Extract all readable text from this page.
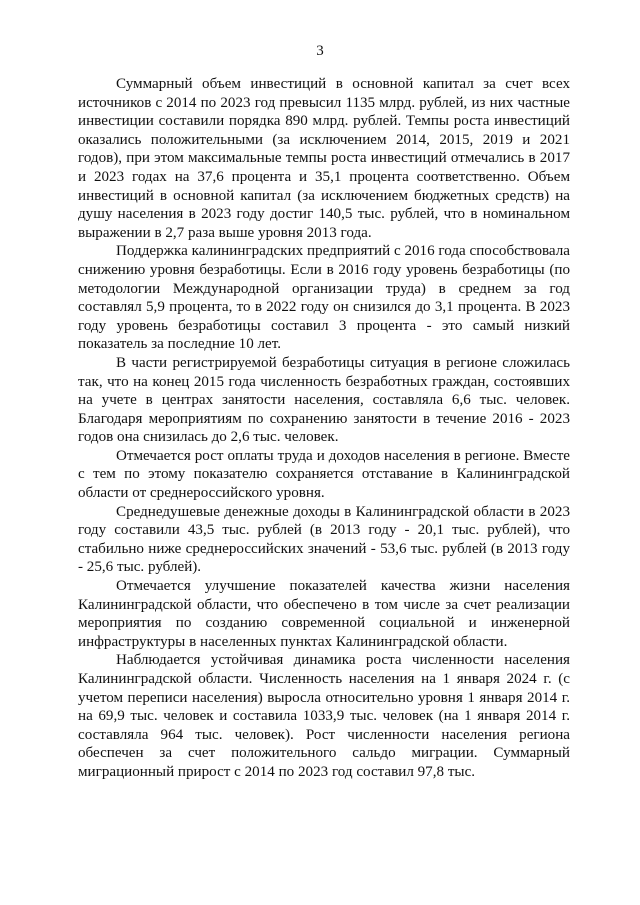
3

Суммарный объем инвестиций в основной капитал за счет всех источников с 2014 по 2023 год превысил 1135 млрд. рублей, из них частные инвестиции составили порядка 890 млрд. рублей. Темпы роста инвестиций оказались положительными (за исключением 2014, 2015, 2019 и 2021 годов), при этом максимальные темпы роста инвестиций отмечались в 2017 и 2023 годах на 37,6 процента и 35,1 процента соответственно. Объем инвестиций в основной капитал (за исключением бюджетных средств) на душу населения в 2023 году достиг 140,5 тыс. рублей, что в номинальном выражении в 2,7 раза выше уровня 2013 года.

Поддержка калининградских предприятий с 2016 года способствовала снижению уровня безработицы. Если в 2016 году уровень безработицы (по методологии Международной организации труда) в среднем за год составлял 5,9 процента, то в 2022 году он снизился до 3,1 процента. В 2023 году уровень безработицы составил 3 процента - это самый низкий показатель за последние 10 лет.

В части регистрируемой безработицы ситуация в регионе сложилась так, что на конец 2015 года численность безработных граждан, состоявших на учете в центрах занятости населения, составляла 6,6 тыс. человек. Благодаря мероприятиям по сохранению занятости в течение 2016 - 2023 годов она снизилась до 2,6 тыс. человек.

Отмечается рост оплаты труда и доходов населения в регионе. Вместе с тем по этому показателю сохраняется отставание в Калининградской области от среднероссийского уровня.

Среднедушевые денежные доходы в Калининградской области в 2023 году составили 43,5 тыс. рублей (в 2013 году - 20,1 тыс. рублей), что стабильно ниже среднероссийских значений - 53,6 тыс. рублей (в 2013 году - 25,6 тыс. рублей).

Отмечается улучшение показателей качества жизни населения Калининградской области, что обеспечено в том числе за счет реализации мероприятия по созданию современной социальной и инженерной инфраструктуры в населенных пунктах Калининградской области.

Наблюдается устойчивая динамика роста численности населения Калининградской области. Численность населения на 1 января 2024 г. (с учетом переписи населения) выросла относительно уровня 1 января 2014 г. на 69,9 тыс. человек и составила 1033,9 тыс. человек (на 1 января 2014 г. составляла 964 тыс. человек). Рост численности населения региона обеспечен за счет положительного сальдо миграции. Суммарный миграционный прирост с 2014 по 2023 год составил 97,8 тыс.
